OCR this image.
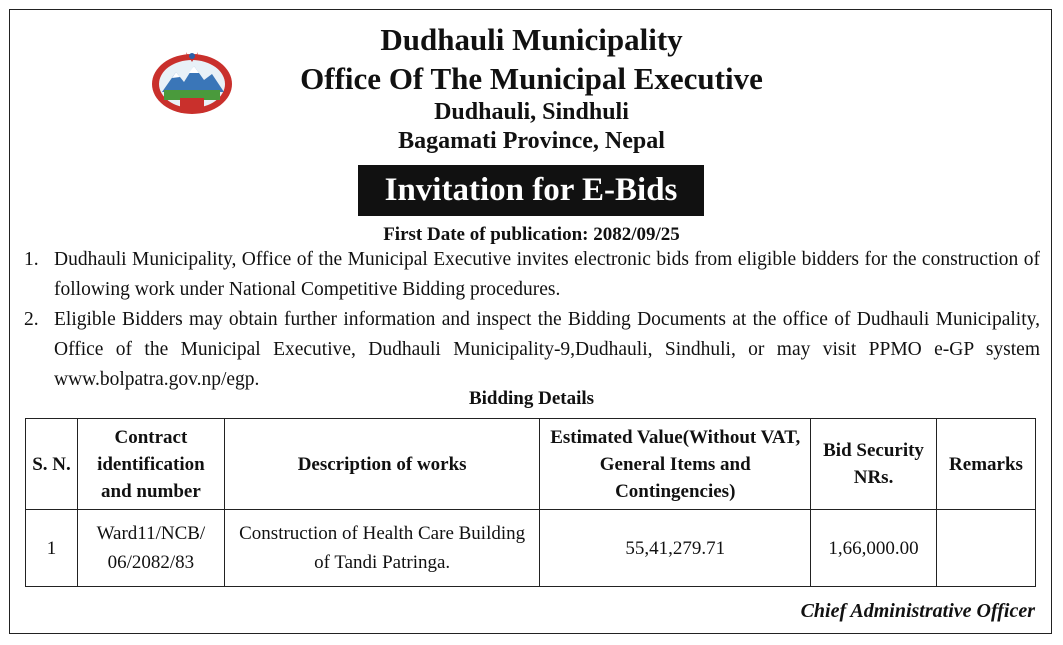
Dudhauli Municipality
Office Of The Municipal Executive
Dudhauli, Sindhuli
Bagamati Province, Nepal
Invitation for E-Bids
First Date of publication: 2082/09/25
1. Dudhauli Municipality, Office of the Municipal Executive invites electronic bids from eligible bidders for the construction of following work under National Competitive Bidding procedures.
2. Eligible Bidders may obtain further information and inspect the Bidding Documents at the office of Dudhauli Municipality, Office of the Municipal Executive, Dudhauli Municipality-9,Dudhauli, Sindhuli, or may visit PPMO e-GP system www.bolpatra.gov.np/egp.
Bidding Details
S. N.	Contract identification and number	Description of works	Estimated Value(Without VAT, General Items and Contingencies)	Bid Security NRs.	Remarks
1	Ward11/NCB/ 06/2082/83	Construction of Health Care Building of Tandi Patringa.	55,41,279.71	1,66,000.00	
Chief Administrative Officer
